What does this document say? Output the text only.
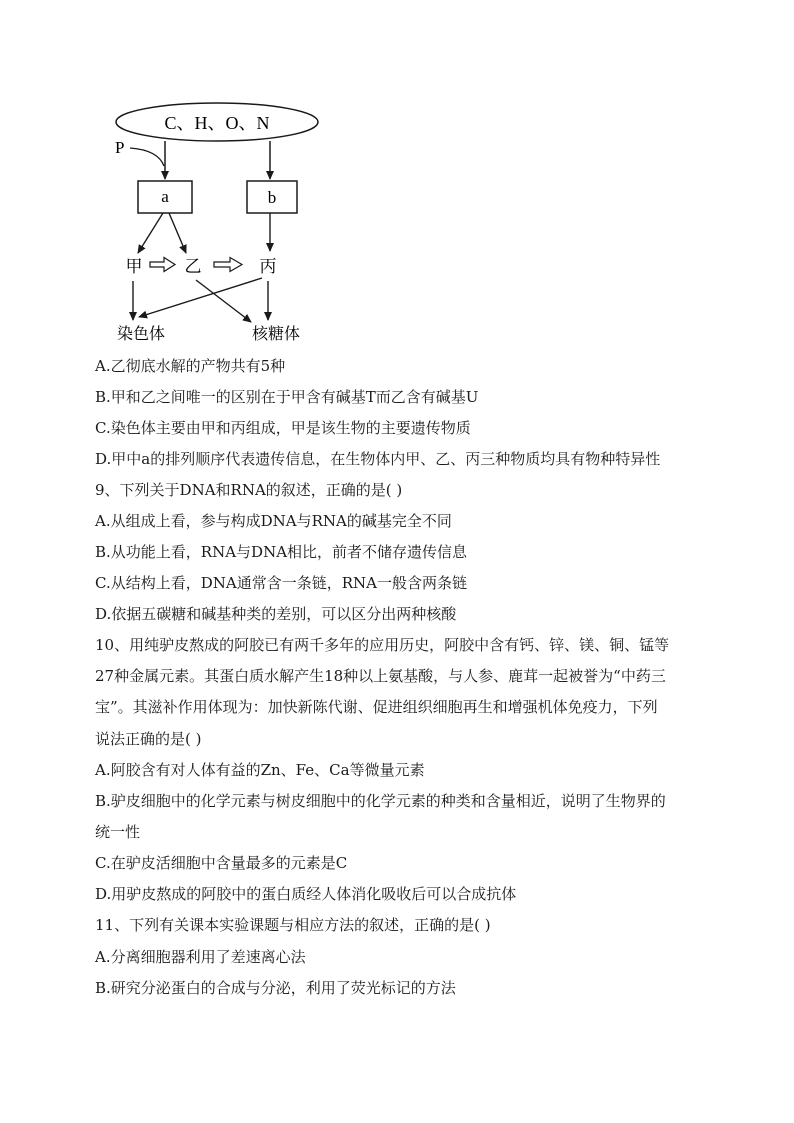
C、H、O、N
P
a	b
甲 乙	丙
染色体	核糖体
A.乙彻底水解的产物共有5种
B.甲和乙之间唯一的区别在于甲含有碱基T而乙含有碱基U
C.染色体主要由甲和丙组成，甲是该生物的主要遗传物质
D.甲中a的排列顺序代表遗传信息，在生物体内甲、乙、丙三种物质均具有物种特异性
9、下列关于DNA和RNA的叙述，正确的是( )
A.从组成上看，参与构成DNA与RNA的碱基完全不同
B.从功能上看，RNA与DNA相比，前者不储存遗传信息
C.从结构上看，DNA通常含一条链，RNA一般含两条链
D.依据五碳糖和碱基种类的差别，可以区分出两种核酸
10、用纯驴皮熬成的阿胶已有两千多年的应用历史，阿胶中含有钙、锌、镁、铜、锰等
27种金属元素。其蛋白质水解产生18种以上氨基酸，与人参、鹿茸一起被誉为“中药三
宝”。其滋补作用体现为：加快新陈代谢、促进组织细胞再生和增强机体免疫力，下列
说法正确的是( )
A.阿胶含有对人体有益的Zn、Fe、Ca等微量元素
B.驴皮细胞中的化学元素与树皮细胞中的化学元素的种类和含量相近，说明了生物界的
统一性
C.在驴皮活细胞中含量最多的元素是C
D.用驴皮熬成的阿胶中的蛋白质经人体消化吸收后可以合成抗体
11、下列有关课本实验课题与相应方法的叙述，正确的是( )
A.分离细胞器利用了差速离心法
B.研究分泌蛋白的合成与分泌，利用了荧光标记的方法
